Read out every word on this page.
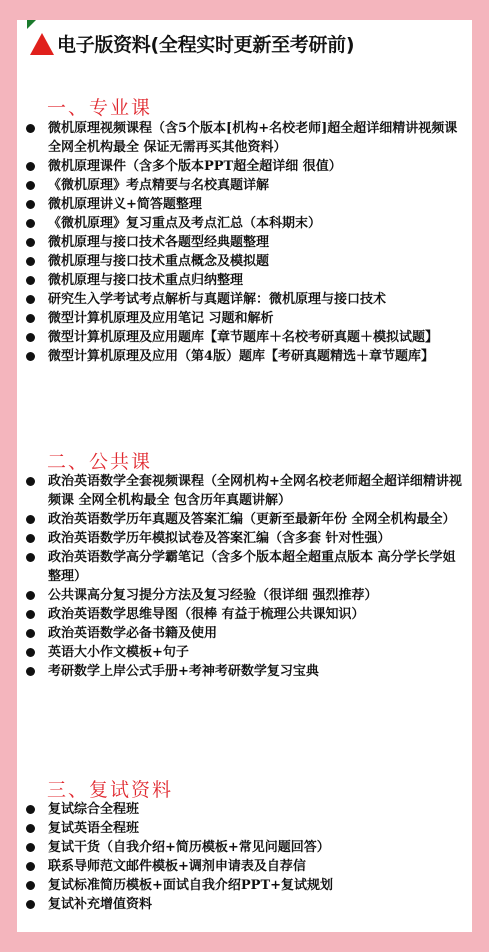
电子版资料(全程实时更新至考研前)
一、专业课
微机原理视频课程（含5个版本[机构+名校老师]超全超详细精讲视频课 全网全机构最全 保证无需再买其他资料）
微机原理课件（含多个版本PPT超全超详细 很值）
《微机原理》考点精要与名校真题详解
微机原理讲义+简答题整理
《微机原理》复习重点及考点汇总（本科期末）
微机原理与接口技术各题型经典题整理
微机原理与接口技术重点概念及模拟题
微机原理与接口技术重点归纳整理
研究生入学考试考点解析与真题详解：微机原理与接口技术
微型计算机原理及应用笔记 习题和解析
微型计算机原理及应用题库【章节题库＋名校考研真题＋模拟试题】
微型计算机原理及应用（第4版）题库【考研真题精选＋章节题库】
二、公共课
政治英语数学全套视频课程（全网机构+全网名校老师超全超详细精讲视频课 全网全机构最全 包含历年真题讲解）
政治英语数学历年真题及答案汇编（更新至最新年份 全网全机构最全）
政治英语数学历年模拟试卷及答案汇编（含多套 针对性强）
政治英语数学高分学霸笔记（含多个版本超全超重点版本 高分学长学姐整理）
公共课高分复习提分方法及复习经验（很详细 强烈推荐）
政治英语数学思维导图（很棒 有益于梳理公共课知识）
政治英语数学必备书籍及使用
英语大小作文模板+句子
考研数学上岸公式手册+考神考研数学复习宝典
三、复试资料
复试综合全程班
复试英语全程班
复试干货（自我介绍+简历模板+常见问题回答）
联系导师范文邮件模板+调剂申请表及自荐信
复试标准简历模板+面试自我介绍PPT+复试规划
复试补充增值资料
